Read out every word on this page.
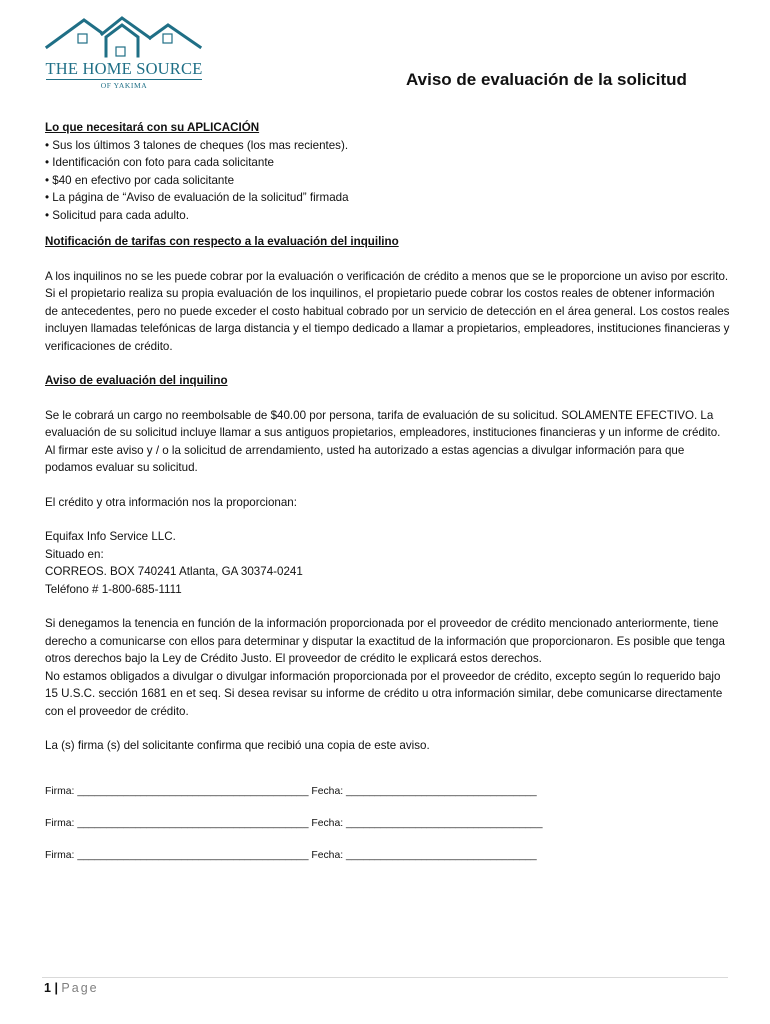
THE HOME SOURCE
OF YAKIMA	Aviso de evaluación de la solicitud
Lo que necesitará con su APLICACIÓN
• Sus los últimos 3 talones de cheques (los mas recientes).
• Identificación con foto para cada solicitante
• $40 en efectivo por cada solicitante
• La página de “Aviso de evaluación de la solicitud” firmada
• Solicitud para cada adulto.
Notificación de tarifas con respecto a la evaluación del inquilino

A los inquilinos no se les puede cobrar por la evaluación o verificación de crédito a menos que se le proporcione un aviso por escrito. Si el propietario realiza su propia evaluación de los inquilinos, el propietario puede cobrar los costos reales de obtener información de antecedentes, pero no puede exceder el costo habitual cobrado por un servicio de detección en el área general. Los costos reales incluyen llamadas telefónicas de larga distancia y el tiempo dedicado a llamar a propietarios, empleadores, instituciones financieras y verificaciones de crédito.

Aviso de evaluación del inquilino

Se le cobrará un cargo no reembolsable de $40.00 por persona, tarifa de evaluación de su solicitud. SOLAMENTE EFECTIVO. La evaluación de su solicitud incluye llamar a sus antiguos propietarios, empleadores, instituciones financieras y un informe de crédito. Al firmar este aviso y / o la solicitud de arrendamiento, usted ha autorizado a estas agencias a divulgar información para que podamos evaluar su solicitud.

El crédito y otra información nos la proporcionan:

Equifax Info Service LLC.
Situado en:
CORREOS. BOX 740241 Atlanta, GA 30374-0241
Teléfono # 1-800-685-1111

Si denegamos la tenencia en función de la información proporcionada por el proveedor de crédito mencionado anteriormente, tiene derecho a comunicarse con ellos para determinar y disputar la exactitud de la información que proporcionaron. Es posible que tenga otros derechos bajo la Ley de Crédito Justo. El proveedor de crédito le explicará estos derechos.

No estamos obligados a divulgar o divulgar información proporcionada por el proveedor de crédito, excepto según lo requerido bajo 15 U.S.C. sección 1681 en et seq. Si desea revisar su informe de crédito u otra información similar, debe comunicarse directamente con el proveedor de crédito.

La (s) firma (s) del solicitante confirma que recibió una copia de este aviso.

Firma: ________________________________________ Fecha: _________________________________
Firma: ________________________________________ Fecha: __________________________________
Firma: ________________________________________ Fecha: _________________________________
1 | Page
